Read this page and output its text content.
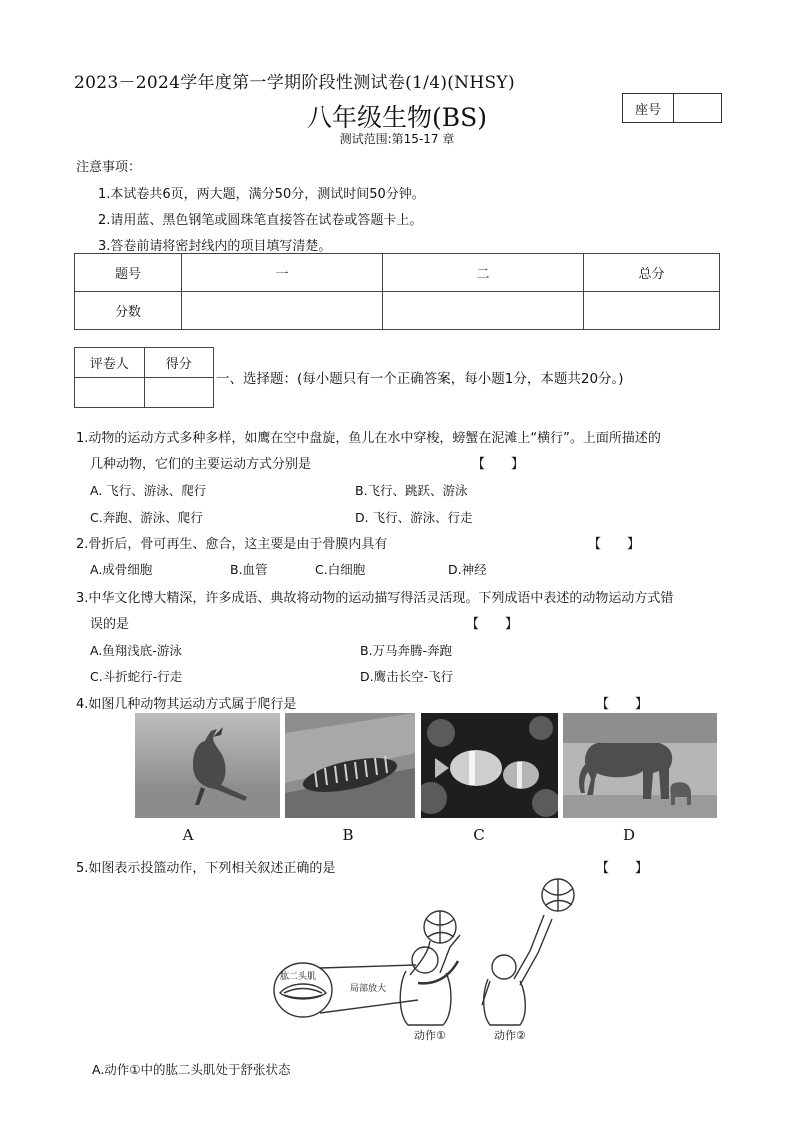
2023－2024学年度第一学期阶段性测试卷(1/4)(NHSY)
八年级生物(BS)	座号
测试范围:第15-17 章
注意事项：
1.本试卷共6页，两大题，满分50分，测试时间50分钟。
2.请用蓝、黑色钢笔或圆珠笔直接答在试卷或答题卡上。
3.答卷前请将密封线内的项目填写清楚。
题号	一	二	总分
分数			
评卷人	得分

一、选择题：(每小题只有一个正确答案，每小题1分，本题共20分。)
1.动物的运动方式多种多样，如鹰在空中盘旋，鱼儿在水中穿梭，螃蟹在泥滩上“横行”。上面所描述的
几种动物，它们的主要运动方式分别是	【　　】
A. 飞行、游泳、爬行	B.飞行、跳跃、游泳
C.奔跑、游泳、爬行	D. 飞行、游泳、行走
2.骨折后，骨可再生、愈合，这主要是由于骨膜内具有	【　　】
A.成骨细胞	B.血管	C.白细胞	D.神经
3.中华文化博大精深，许多成语、典故将动物的运动描写得活灵活现。下列成语中表述的动物运动方式错
误的是	【　　】
A.鱼翔浅底-游泳	B.万马奔腾-奔跑
C.斗折蛇行-行走	D.鹰击长空-飞行
4.如图几种动物其运动方式属于爬行是	【　　】
A	B	C	D
5.如图表示投篮动作，下列相关叙述正确的是	【　　】
肱二头肌
局部放大
动作①	动作②
A.动作①中的肱二头肌处于舒张状态
